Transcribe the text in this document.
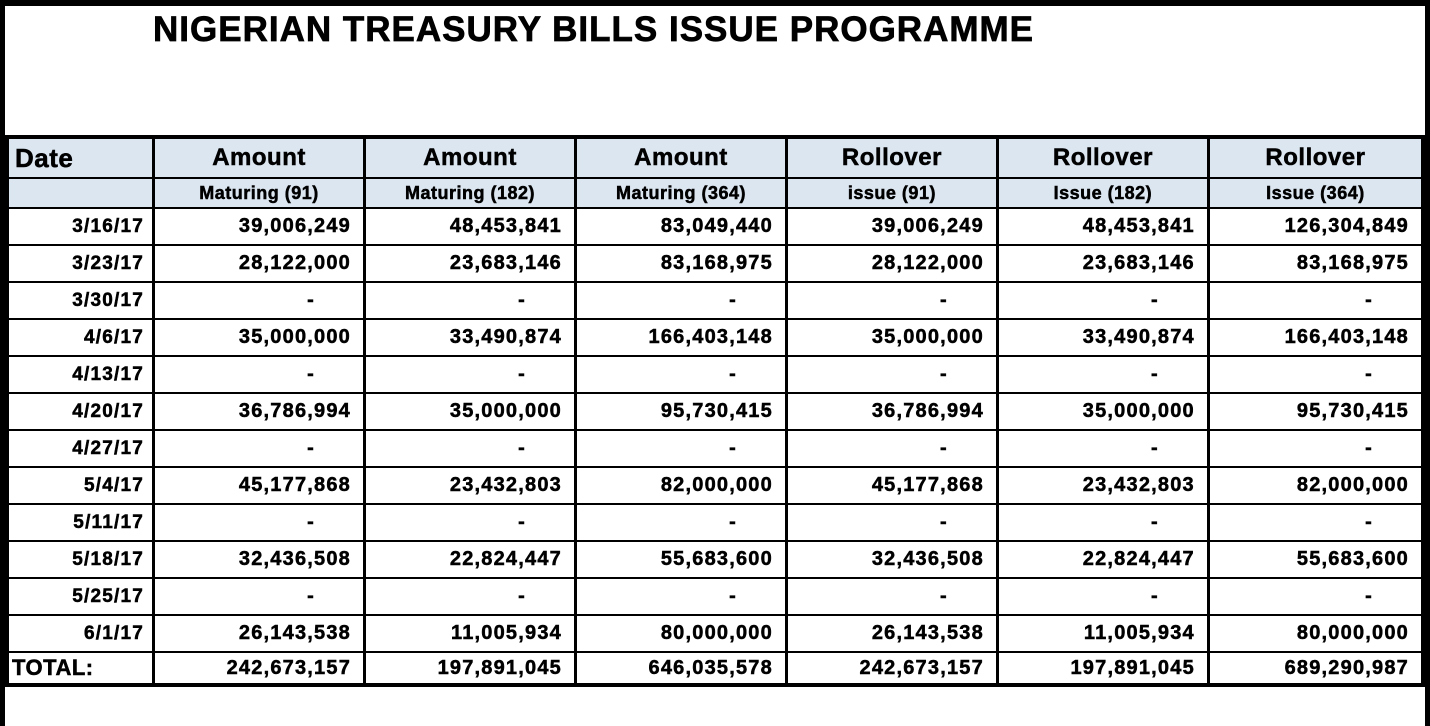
NIGERIAN TREASURY BILLS ISSUE PROGRAMME
Date	Amount	Amount	Amount	Rollover	Rollover	Rollover
	Maturing (91)	Maturing (182)	Maturing (364)	issue (91)	Issue (182)	Issue (364)
3/16/17	39,006,249	48,453,841	83,049,440	39,006,249	48,453,841	126,304,849
3/23/17	28,122,000	23,683,146	83,168,975	28,122,000	23,683,146	83,168,975
3/30/17	-	-	-	-	-	-
4/6/17	35,000,000	33,490,874	166,403,148	35,000,000	33,490,874	166,403,148
4/13/17	-	-	-	-	-	-
4/20/17	36,786,994	35,000,000	95,730,415	36,786,994	35,000,000	95,730,415
4/27/17	-	-	-	-	-	-
5/4/17	45,177,868	23,432,803	82,000,000	45,177,868	23,432,803	82,000,000
5/11/17	-	-	-	-	-	-
5/18/17	32,436,508	22,824,447	55,683,600	32,436,508	22,824,447	55,683,600
5/25/17	-	-	-	-	-	-
6/1/17	26,143,538	11,005,934	80,000,000	26,143,538	11,005,934	80,000,000
TOTAL:	242,673,157	197,891,045	646,035,578	242,673,157	197,891,045	689,290,987
